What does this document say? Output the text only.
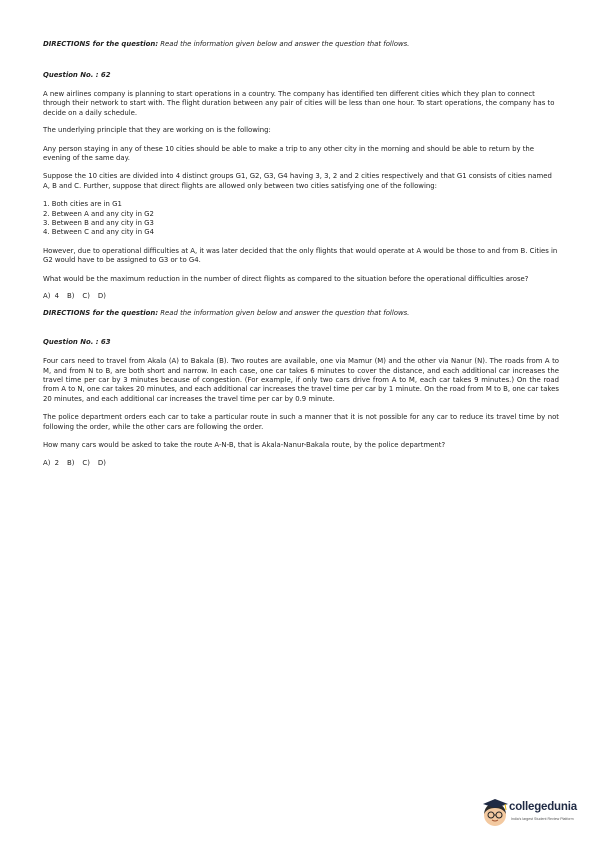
DIRECTIONS for the question: Read the information given below and answer the question that follows.

Question No. : 62

A new airlines company is planning to start operations in a country. The company has identified ten different cities which they plan to connect through their network to start with. The flight duration between any pair of cities will be less than one hour. To start operations, the company has to decide on a daily schedule.

The underlying principle that they are working on is the following:

Any person staying in any of these 10 cities should be able to make a trip to any other city in the morning and should be able to return by the evening of the same day.

Suppose the 10 cities are divided into 4 distinct groups G1, G2, G3, G4 having 3, 3, 2 and 2 cities respectively and that G1 consists of cities named A, B and C. Further, suppose that direct flights are allowed only between two cities satisfying one of the following:

1. Both cities are in G1
2. Between A and any city in G2
3. Between B and any city in G3
4. Between C and any city in G4

However, due to operational difficulties at A, it was later decided that the only flights that would operate at A would be those to and from B. Cities in G2 would have to be assigned to G3 or to G4.

What would be the maximum reduction in the number of direct flights as compared to the situation before the operational difficulties arose?

A) 4 B) C) D)

DIRECTIONS for the question: Read the information given below and answer the question that follows.

Question No. : 63

Four cars need to travel from Akala (A) to Bakala (B). Two routes are available, one via Mamur (M) and the other via Nanur (N). The roads from A to M, and from N to B, are both short and narrow. In each case, one car takes 6 minutes to cover the distance, and each additional car increases the travel time per car by 3 minutes because of congestion. (For example, if only two cars drive from A to M, each car takes 9 minutes.) On the road from A to N, one car takes 20 minutes, and each additional car increases the travel time per car by 1 minute. On the road from M to B, one car takes 20 minutes, and each additional car increases the travel time per car by 0.9 minute.

The police department orders each car to take a particular route in such a manner that it is not possible for any car to reduce its travel time by not following the order, while the other cars are following the order.

How many cars would be asked to take the route A-N-B, that is Akala-Nanur-Bakala route, by the police department?

A) 2 B) C) D)

collegedunia
India's largest Student Review Platform
